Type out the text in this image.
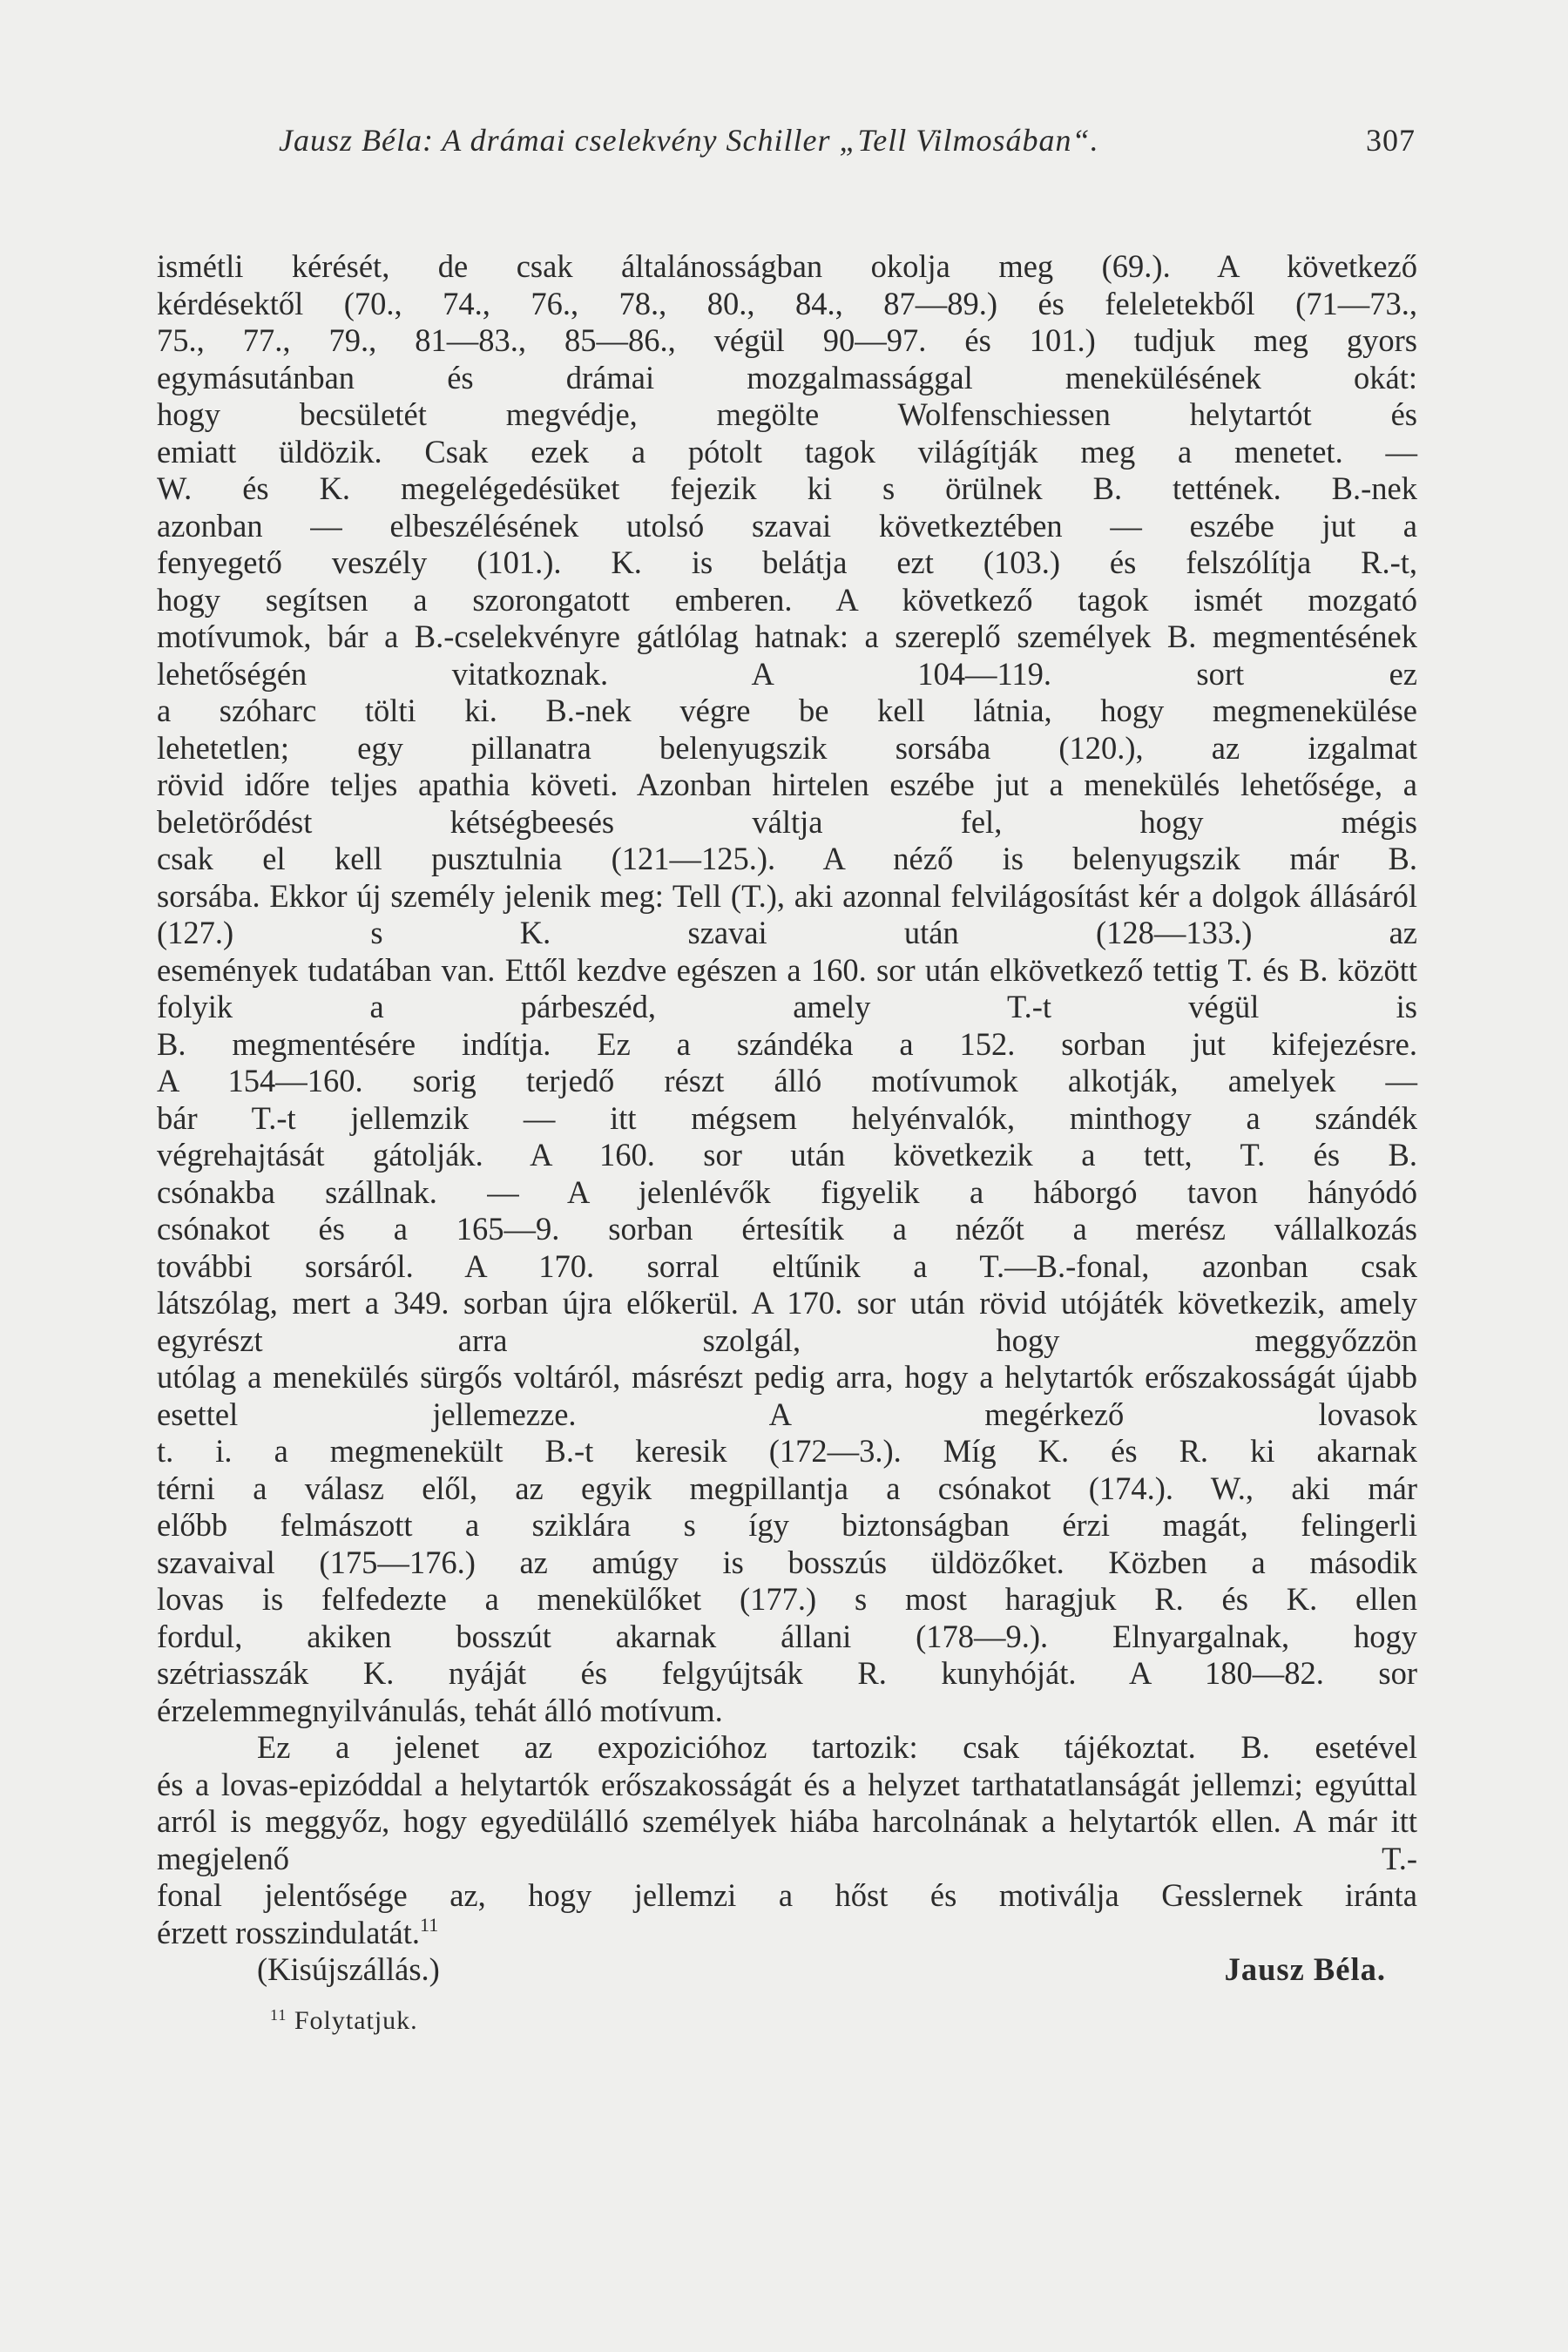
Jausz Béla: A drámai cselekvény Schiller „Tell Vilmosában“.	307
ismétli kérését, de csak általánosságban okolja meg (69.). A következő
kérdésektől (70., 74., 76., 78., 80., 84., 87—89.) és feleletekből (71—73.,
75., 77., 79., 81—83., 85—86., végül 90—97. és 101.) tudjuk meg gyors
egymásutánban és drámai mozgalmassággal menekülésének okát:
hogy becsületét megvédje, megölte Wolfenschiessen helytartót és
emiatt üldözik. Csak ezek a pótolt tagok világítják meg a menetet. —
W. és K. megelégedésüket fejezik ki s örülnek B. tettének. B.-nek
azonban — elbeszélésének utolsó szavai következtében — eszébe jut a
fenyegető veszély (101.). K. is belátja ezt (103.) és felszólítja R.-t,
hogy segítsen a szorongatott emberen. A következő tagok ismét mozgató
motívumok, bár a B.-cselekvényre gátlólag hatnak: a szereplő személyek B. megmentésének lehetőségén vitatkoznak. A 104—119. sort ez
a szóharc tölti ki. B.-nek végre be kell látnia, hogy megmenekülése
lehetetlen; egy pillanatra belenyugszik sorsába (120.), az izgalmat
rövid időre teljes apathia követi. Azonban hirtelen eszébe jut a menekülés lehetősége, a beletörődést kétségbeesés váltja fel, hogy mégis
csak el kell pusztulnia (121—125.). A néző is belenyugszik már B.
sorsába. Ekkor új személy jelenik meg: Tell (T.), aki azonnal felvilágosítást kér a dolgok állásáról (127.) s K. szavai után (128—133.) az
események tudatában van. Ettől kezdve egészen a 160. sor után elkövetkező tettig T. és B. között folyik a párbeszéd, amely T.-t végül is
B. megmentésére indítja. Ez a szándéka a 152. sorban jut kifejezésre.
A 154—160. sorig terjedő részt álló motívumok alkotják, amelyek —
bár T.-t jellemzik — itt mégsem helyénvalók, minthogy a szándék
végrehajtását gátolják. A 160. sor után következik a tett, T. és B.
csónakba szállnak. — A jelenlévők figyelik a háborgó tavon hányódó
csónakot és a 165—9. sorban értesítik a nézőt a merész vállalkozás
további sorsáról. A 170. sorral eltűnik a T.—B.-fonal, azonban csak
látszólag, mert a 349. sorban újra előkerül. A 170. sor után rövid utójáték következik, amely egyrészt arra szolgál, hogy meggyőzzön
utólag a menekülés sürgős voltáról, másrészt pedig arra, hogy a helytartók erőszakosságát újabb esettel jellemezze. A megérkező lovasok
t. i. a megmenekült B.-t keresik (172—3.). Míg K. és R. ki akarnak
térni a válasz elől, az egyik megpillantja a csónakot (174.). W., aki már
előbb felmászott a sziklára s így biztonságban érzi magát, felingerli
szavaival (175—176.) az amúgy is bosszús üldözőket. Közben a második
lovas is felfedezte a menekülőket (177.) s most haragjuk R. és K. ellen
fordul, akiken bosszút akarnak állani (178—9.). Elnyargalnak, hogy
szétriasszák K. nyáját és felgyújtsák R. kunyhóját. A 180—82. sor
érzelemmegnyilvánulás, tehát álló motívum.
Ez a jelenet az expozicióhoz tartozik: csak tájékoztat. B. esetével
és a lovas-epizóddal a helytartók erőszakosságát és a helyzet tarthatatlanságát jellemzi; egyúttal arról is meggyőz, hogy egyedülálló személyek hiába harcolnának a helytartók ellen. A már itt megjelenő T.-
fonal jelentősége az, hogy jellemzi a hőst és motiválja Gesslernek iránta
érzett rosszindulatát.$^{11}$
(Kisújszállás.)	Jausz Béla.
$^{11}$ Folytatjuk.
